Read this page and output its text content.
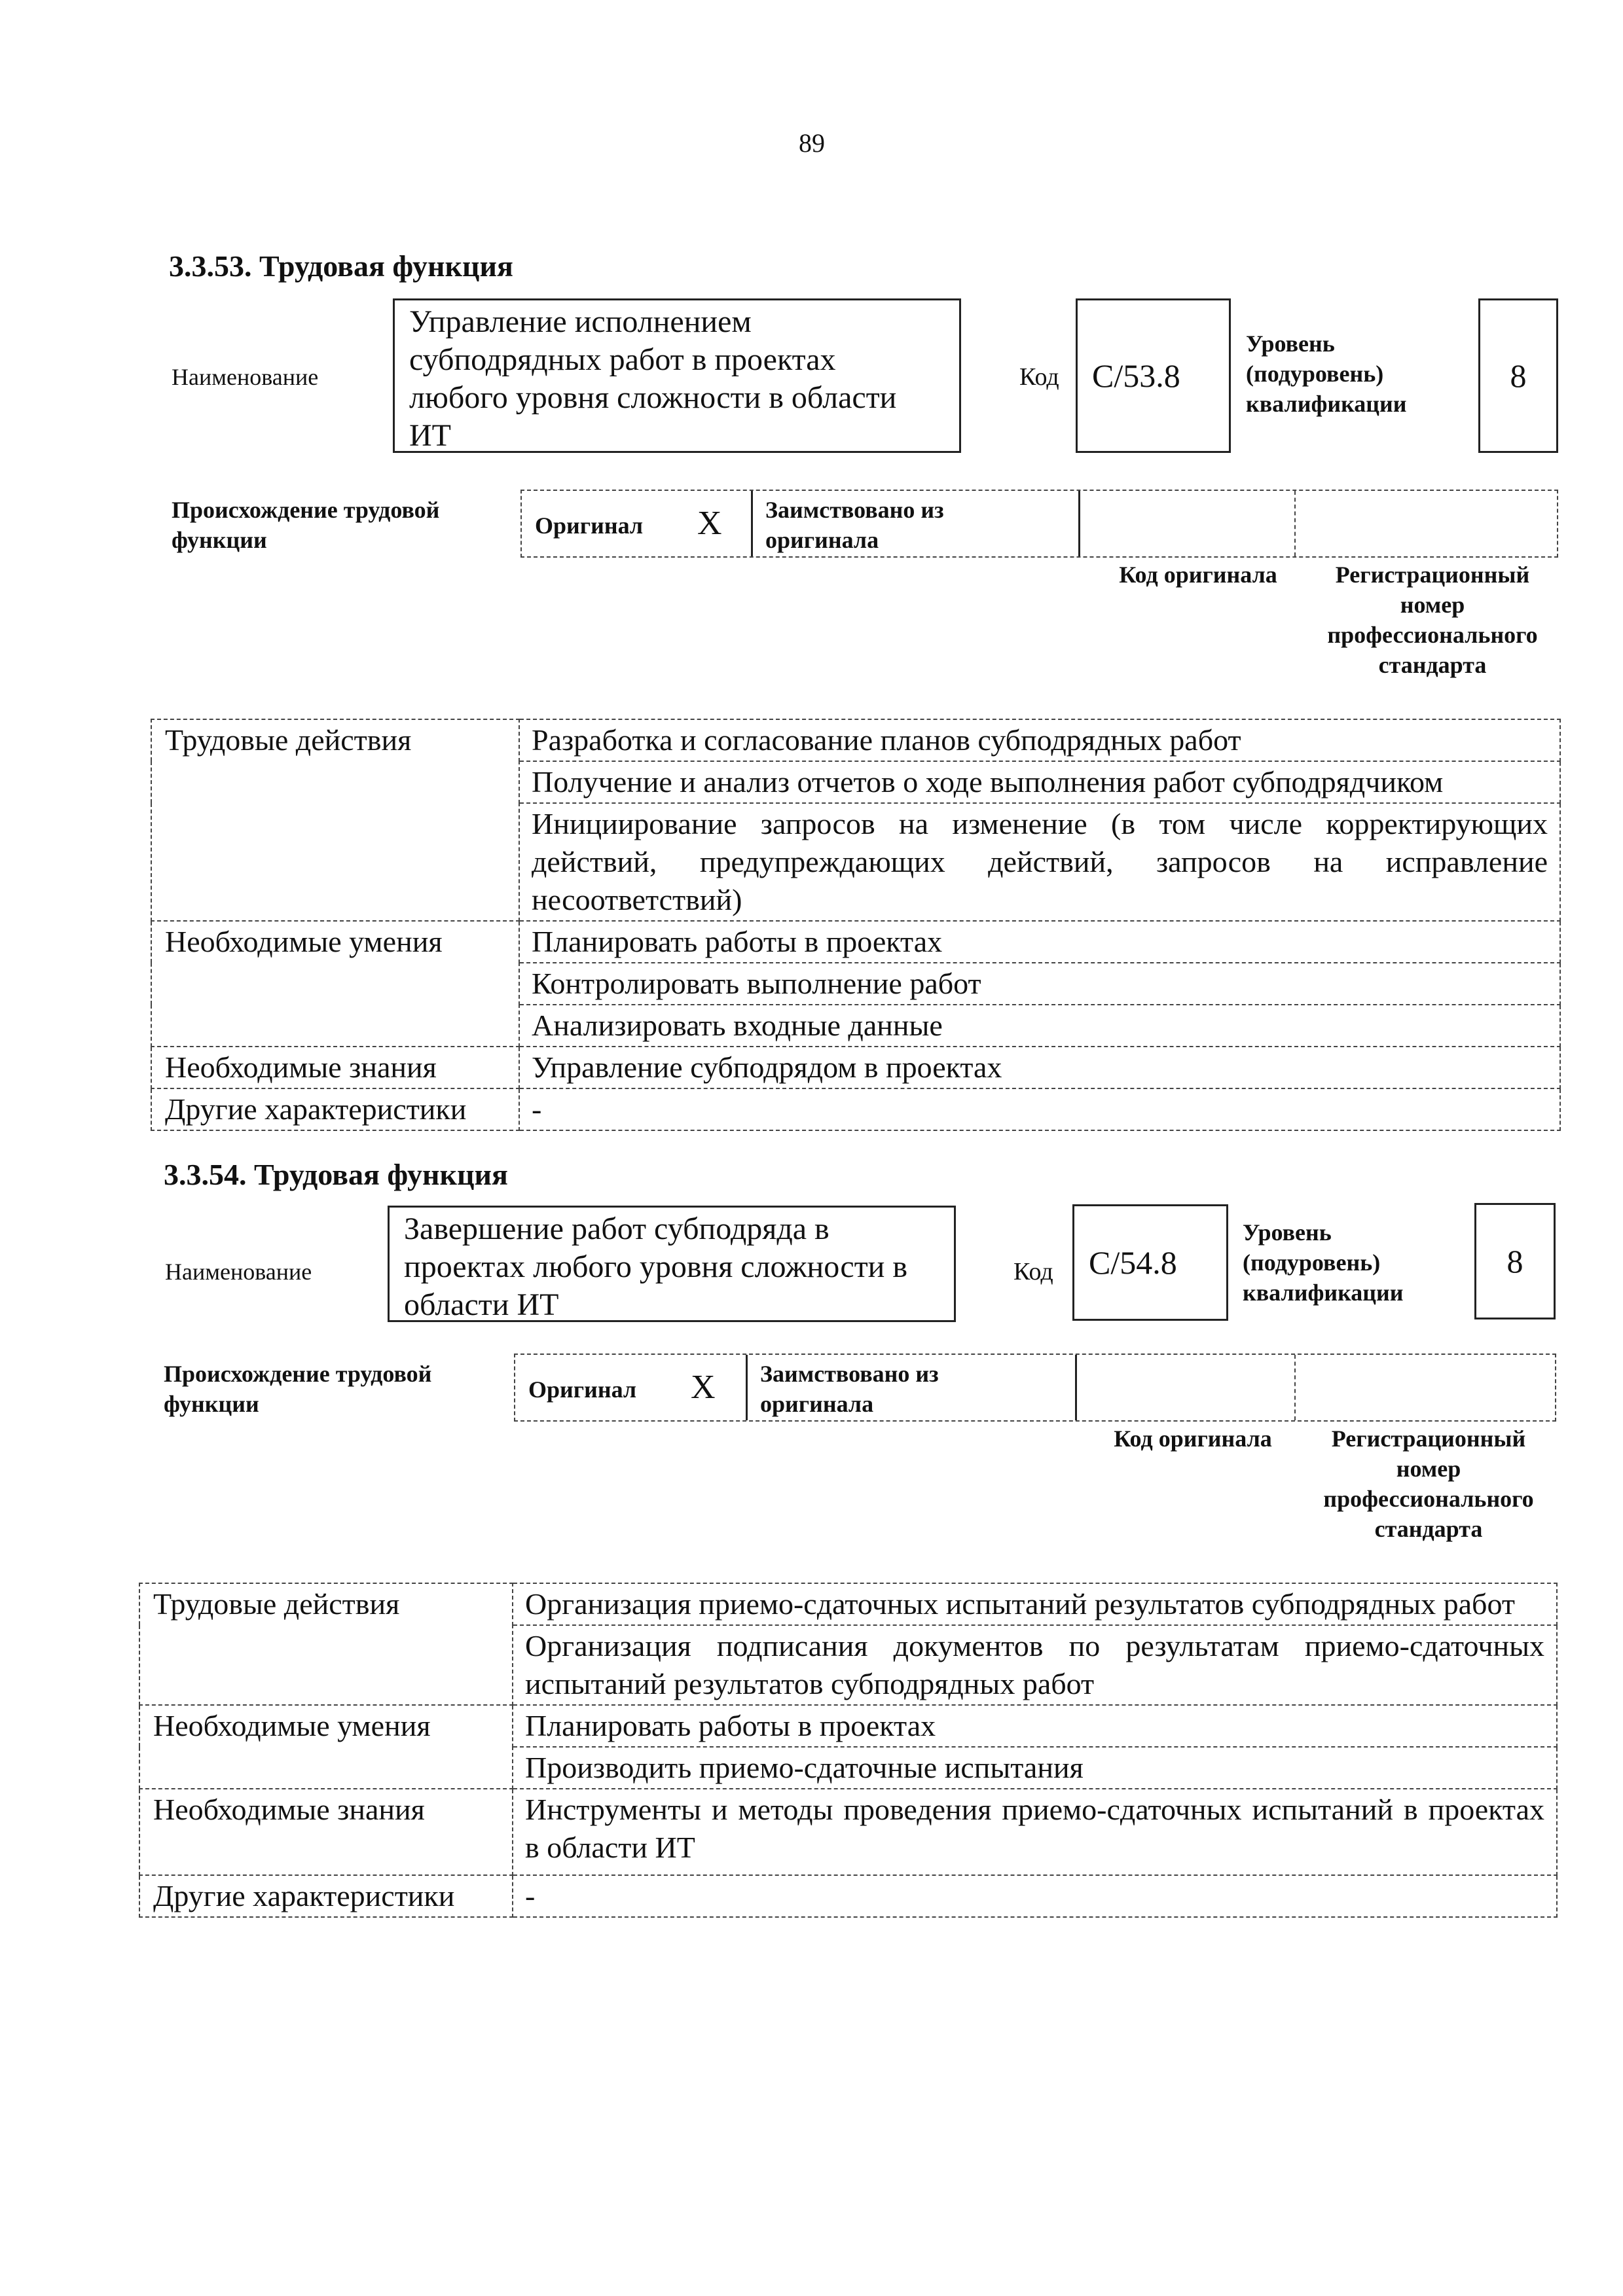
89
3.3.53. Трудовая функция
Наименование
Управление исполнением
субподрядных работ в проектах
любого уровня сложности в области
ИТ
Код C/53.8
Уровень
(подуровень)
квалификации
8
Происхождение трудовой
функции
Оригинал X Заимствовано из
оригинала
Код оригинала	Регистрационный
номер
профессионального
стандарта
Трудовые действия	Разработка и согласование планов субподрядных работ
	Получение и анализ отчетов о ходе выполнения работ субподрядчиком
	Инициирование запросов на изменение (в том числе корректирующих действий, предупреждающих действий, запросов на исправление несоответствий)
Необходимые умения	Планировать работы в проектах
	Контролировать выполнение работ
	Анализировать входные данные
Необходимые знания	Управление субподрядом в проектах
Другие характеристики	-
3.3.54. Трудовая функция
Наименование
Завершение работ субподряда в
проектах любого уровня сложности в
области ИТ
Код C/54.8
Уровень
(подуровень)
квалификации
8
Происхождение трудовой
функции
Оригинал X Заимствовано из
оригинала
Код оригинала	Регистрационный
номер
профессионального
стандарта
Трудовые действия	Организация приемо-сдаточных испытаний результатов субподрядных работ
	Организация подписания документов по результатам приемо-сдаточных испытаний результатов субподрядных работ
Необходимые умения	Планировать работы в проектах
	Производить приемо-сдаточные испытания
Необходимые знания	Инструменты и методы проведения приемо-сдаточных испытаний в проектах в области ИТ
Другие характеристики	-
